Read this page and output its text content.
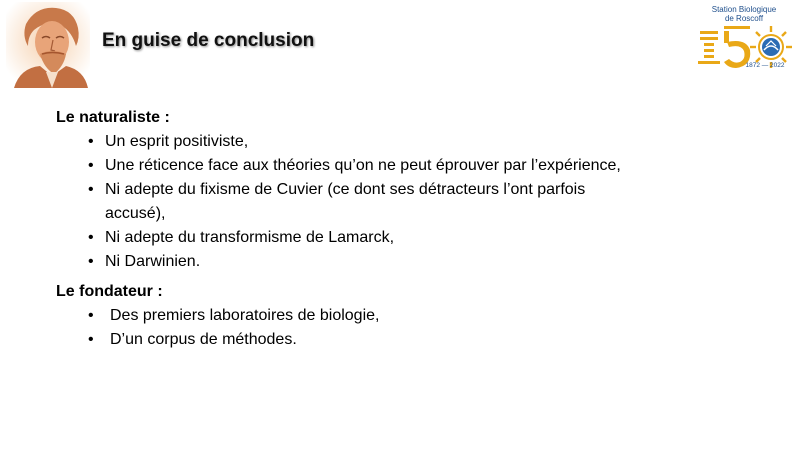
En guise de conclusion
Station Biologique
de Roscoff
1872 — 2022

Le naturaliste :

• Un esprit positiviste,
• Une réticence face aux théories qu’on ne peut éprouver par l’expérience,
• Ni adepte du fixisme de Cuvier (ce dont ses détracteurs l’ont parfois accusé),
• Ni adepte du transformisme de Lamarck,
• Ni Darwinien.

Le fondateur :

• Des premiers laboratoires de biologie,
• D’un corpus de méthodes.
